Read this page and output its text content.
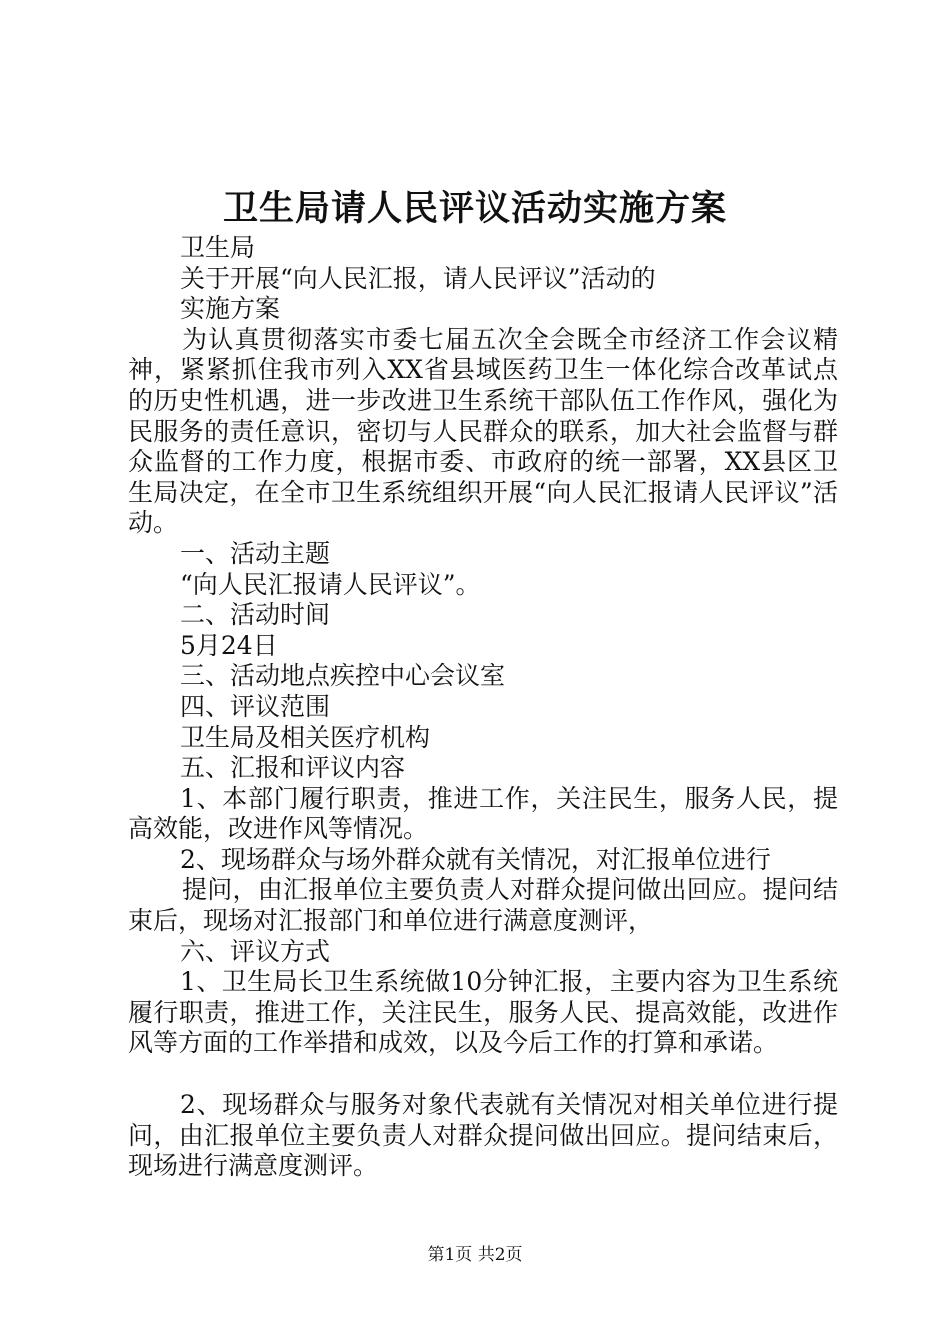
卫生局请人民评议活动实施方案

卫生局

关于开展“向人民汇报，请人民评议”活动的

实施方案

为认真贯彻落实市委七届五次全会既全市经济工作会议精神，紧紧抓住我市列入XX省县域医药卫生一体化综合改革试点的历史性机遇，进一步改进卫生系统干部队伍工作作风，强化为民服务的责任意识，密切与人民群众的联系，加大社会监督与群众监督的工作力度，根据市委、市政府的统一部署，XX县区卫生局决定，在全市卫生系统组织开展“向人民汇报请人民评议”活动。

一、活动主题

“向人民汇报请人民评议”。

二、活动时间

5月24日

三、活动地点疾控中心会议室

四、评议范围

卫生局及相关医疗机构

五、汇报和评议内容

1、本部门履行职责，推进工作，关注民生，服务人民，提高效能，改进作风等情况。

2、现场群众与场外群众就有关情况，对汇报单位进行

提问，由汇报单位主要负责人对群众提问做出回应。提问结束后，现场对汇报部门和单位进行满意度测评，

六、评议方式

1、卫生局长卫生系统做10分钟汇报，主要内容为卫生系统履行职责，推进工作，关注民生，服务人民、提高效能，改进作风等方面的工作举措和成效，以及今后工作的打算和承诺。

2、现场群众与服务对象代表就有关情况对相关单位进行提问，由汇报单位主要负责人对群众提问做出回应。提问结束后，现场进行满意度测评。

第1页 共2页
